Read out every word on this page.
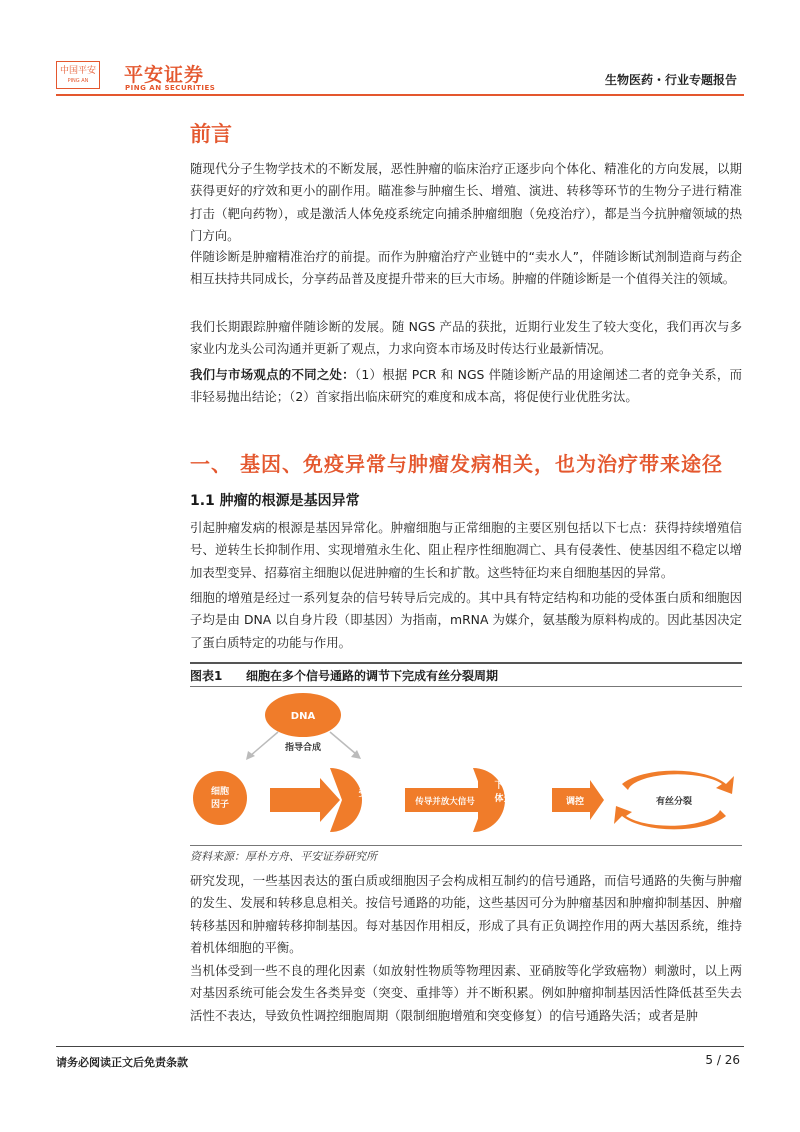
中国平安
PING AN	平安证券
PING AN SECURITIES
生物医药・行业专题报告
前言
随现代分子生物学技术的不断发展，恶性肿瘤的临床治疗正逐步向个体化、精准化的方向发展，以期获得更好的疗效和更小的副作用。瞄准参与肿瘤生长、增殖、演进、转移等环节的生物分子进行精准打击（靶向药物），或是激活人体免疫系统定向捕杀肿瘤细胞（免疫治疗），都是当今抗肿瘤领域的热门方向。
伴随诊断是肿瘤精准治疗的前提。而作为肿瘤治疗产业链中的“卖水人”，伴随诊断试剂制造商与药企相互扶持共同成长，分享药品普及度提升带来的巨大市场。肿瘤的伴随诊断是一个值得关注的领域。
我们长期跟踪肿瘤伴随诊断的发展。随 NGS 产品的获批，近期行业发生了较大变化，我们再次与多家业内龙头公司沟通并更新了观点，力求向资本市场及时传达行业最新情况。
我们与市场观点的不同之处：（1）根据 PCR 和 NGS 伴随诊断产品的用途阐述二者的竞争关系，而非轻易抛出结论；（2）首家指出临床研究的难度和成本高，将促使行业优胜劣汰。
一、 基因、免疫异常与肿瘤发病相关，也为治疗带来途径
1.1 肿瘤的根源是基因异常
引起肿瘤发病的根源是基因异常化。肿瘤细胞与正常细胞的主要区别包括以下七点：获得持续增殖信号、逆转生长抑制作用、实现增殖永生化、阻止程序性细胞凋亡、具有侵袭性、使基因组不稳定以增加表型变异、招募宿主细胞以促进肿瘤的生长和扩散。这些特征均来自细胞基因的异常。
细胞的增殖是经过一系列复杂的信号转导后完成的。其中具有特定结构和功能的受体蛋白质和细胞因子均是由 DNA 以自身片段（即基因）为指南，mRNA 为媒介，氨基酸为原料构成的。因此基因决定了蛋白质特定的功能与作用。
图表1 细胞在多个信号通路的调节下完成有丝分裂周期
DNA
指导合成
细胞
因子
受体蛋
白质	传导并放大信号
下游受
体蛋白
质
调控	有丝分裂
资料来源：厚朴方舟、平安证券研究所
研究发现，一些基因表达的蛋白质或细胞因子会构成相互制约的信号通路，而信号通路的失衡与肿瘤的发生、发展和转移息息相关。按信号通路的功能，这些基因可分为肿瘤基因和肿瘤抑制基因、肿瘤转移基因和肿瘤转移抑制基因。每对基因作用相反，形成了具有正负调控作用的两大基因系统，维持着机体细胞的平衡。
当机体受到一些不良的理化因素（如放射性物质等物理因素、亚硝胺等化学致癌物）刺激时，以上两对基因系统可能会发生各类异变（突变、重排等）并不断积累。例如肿瘤抑制基因活性降低甚至失去活性不表达，导致负性调控细胞周期（限制细胞增殖和突变修复）的信号通路失活；或者是肿
请务必阅读正文后免责条款	5 / 26
